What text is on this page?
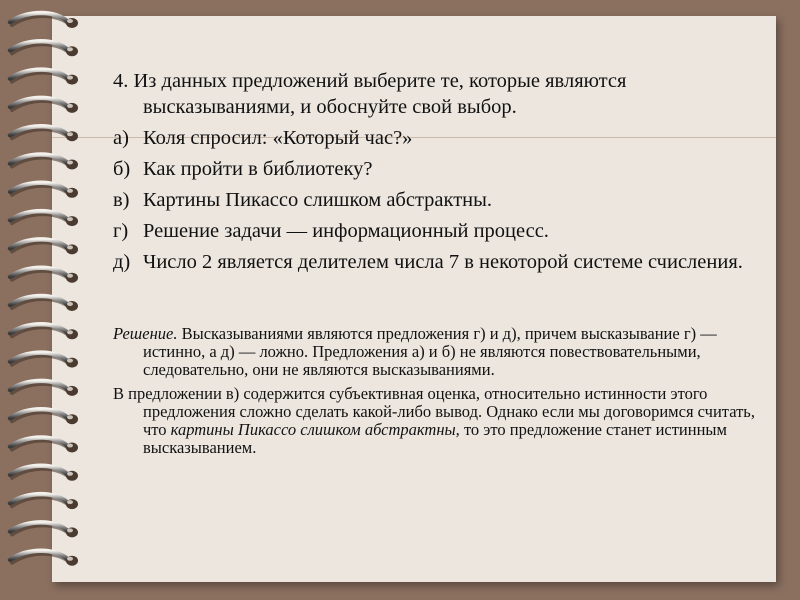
4. Из данных предложений выберите те, которые являются высказываниями, и обоснуйте свой выбор.

а) Коля спросил: «Который час?»
б) Как пройти в библиотеку?
в) Картины Пикассо слишком абстрактны.
г) Решение задачи — информационный процесс.
д) Число 2 является делителем числа 7 в некоторой системе счисления.

Решение. Высказываниями являются предложения г) и д), причем высказывание г) — истинно, а д) — ложно. Предложения а) и б) не являются повествовательными, следовательно, они не являются высказываниями.

В предложении в) содержится субъективная оценка, относительно истинности этого предложения сложно сделать какой-либо вывод. Однако если мы договоримся считать, что картины Пикассо слишком абстрактны, то это предложение станет истинным высказыванием.
